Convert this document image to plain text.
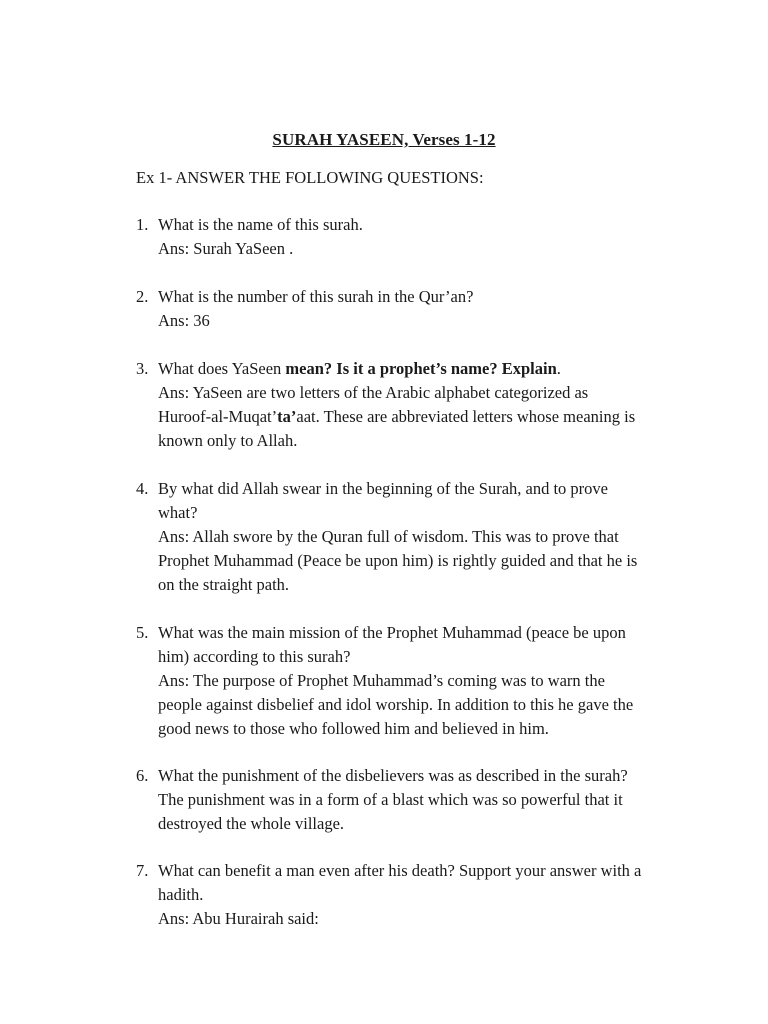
SURAH YASEEN, Verses 1-12
Ex 1- ANSWER THE FOLLOWING QUESTIONS:
1. What is the name of this surah.
Ans: Surah YaSeen .
2. What is the number of this surah in the Qur’an?
Ans: 36
3. What does YaSeen mean? Is it a prophet’s name? Explain.
Ans: YaSeen are two letters of the Arabic alphabet categorized as
Huroof-al-Muqat’ta’aat. These are abbreviated letters whose meaning is
known only to Allah.
4. By what did Allah swear in the beginning of the Surah, and to prove
what?
Ans: Allah swore by the Quran full of wisdom. This was to prove that
Prophet Muhammad (Peace be upon him) is rightly guided and that he is
on the straight path.
5. What was the main mission of the Prophet Muhammad (peace be upon
him) according to this surah?
Ans: The purpose of Prophet Muhammad’s coming was to warn the
people against disbelief and idol worship. In addition to this he gave the
good news to those who followed him and believed in him.
6. What the punishment of the disbelievers was as described in the surah?
The punishment was in a form of a blast which was so powerful that it
destroyed the whole village.
7. What can benefit a man even after his death? Support your answer with a
hadith.
Ans: Abu Hurairah said:
